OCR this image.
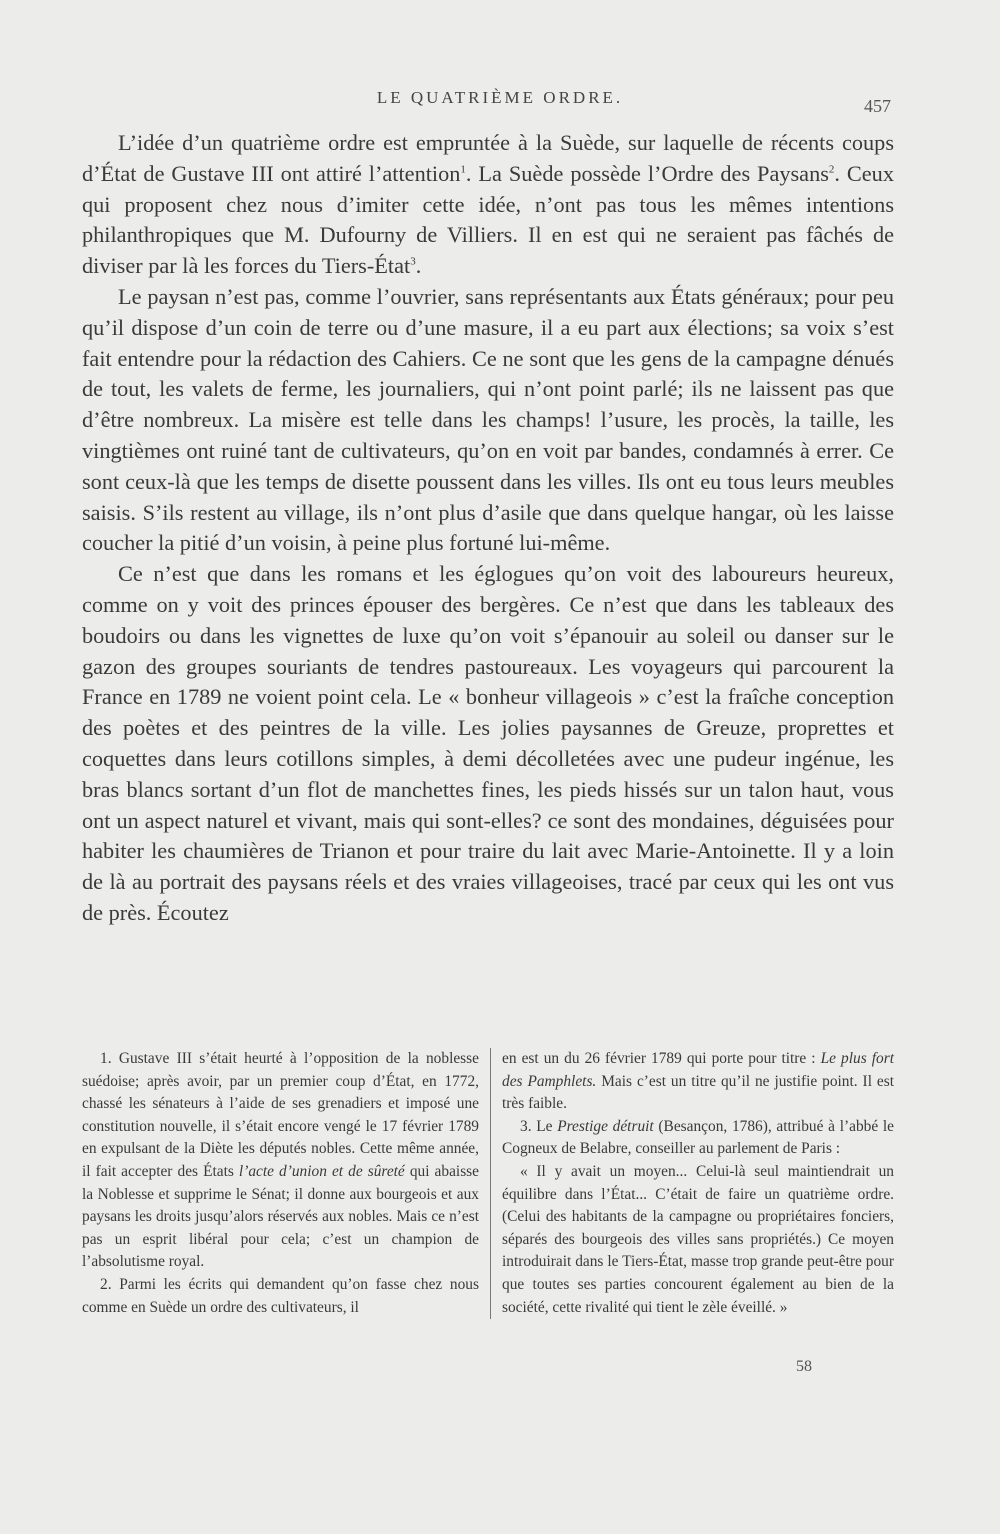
LE QUATRIÈME ORDRE.	457

L’idée d’un quatrième ordre est empruntée à la Suède, sur laquelle de récents coups d’État de Gustave III ont attiré l’attention$^1$. La Suède possède l’Ordre des Paysans$^2$. Ceux qui proposent chez nous d’imiter cette idée, n’ont pas tous les mêmes intentions philanthropiques que M. Dufourny de Villiers. Il en est qui ne seraient pas fâchés de diviser par là les forces du Tiers-État$^3$.

Le paysan n’est pas, comme l’ouvrier, sans représentants aux États généraux; pour peu qu’il dispose d’un coin de terre ou d’une masure, il a eu part aux élections; sa voix s’est fait entendre pour la rédaction des Cahiers. Ce ne sont que les gens de la campagne dénués de tout, les valets de ferme, les journaliers, qui n’ont point parlé; ils ne laissent pas que d’être nombreux. La misère est telle dans les champs! l’usure, les procès, la taille, les vingtièmes ont ruiné tant de cultivateurs, qu’on en voit par bandes, condamnés à errer. Ce sont ceux-là que les temps de disette poussent dans les villes. Ils ont eu tous leurs meubles saisis. S’ils restent au village, ils n’ont plus d’asile que dans quelque hangar, où les laisse coucher la pitié d’un voisin, à peine plus fortuné lui-même.

Ce n’est que dans les romans et les églogues qu’on voit des laboureurs heureux, comme on y voit des princes épouser des bergères. Ce n’est que dans les tableaux des boudoirs ou dans les vignettes de luxe qu’on voit s’épanouir au soleil ou danser sur le gazon des groupes souriants de tendres pastoureaux. Les voyageurs qui parcourent la France en 1789 ne voient point cela. Le « bonheur villageois » c’est la fraîche conception des poètes et des peintres de la ville. Les jolies paysannes de Greuze, proprettes et coquettes dans leurs cotillons simples, à demi décolletées avec une pudeur ingénue, les bras blancs sortant d’un flot de manchettes fines, les pieds hissés sur un talon haut, vous ont un aspect naturel et vivant, mais qui sont-elles? ce sont des mondaines, déguisées pour habiter les chaumières de Trianon et pour traire du lait avec Marie-Antoinette. Il y a loin de là au portrait des paysans réels et des vraies villageoises, tracé par ceux qui les ont vus de près. Écoutez

1. Gustave III s’était heurté à l’opposition de la noblesse suédoise; après avoir, par un premier coup d’État, en 1772, chassé les sénateurs à l’aide de ses grenadiers et imposé une constitution nouvelle, il s’était encore vengé le 17 février 1789 en expulsant de la Diète les députés nobles. Cette même année, il fait accepter des États l’acte d’union et de sûreté qui abaisse la Noblesse et supprime le Sénat; il donne aux bourgeois et aux paysans les droits jusqu’alors réservés aux nobles. Mais ce n’est pas un esprit libéral pour cela; c’est un champion de l’absolutisme royal.

2. Parmi les écrits qui demandent qu’on fasse chez nous comme en Suède un ordre des cultivateurs, il

en est un du 26 février 1789 qui porte pour titre : Le plus fort des Pamphlets. Mais c’est un titre qu’il ne justifie point. Il est très faible.

3. Le Prestige détruit (Besançon, 1786), attribué à l’abbé le Cogneux de Belabre, conseiller au parlement de Paris :

« Il y avait un moyen... Celui-là seul maintiendrait un équilibre dans l’État... C’était de faire un quatrième ordre. (Celui des habitants de la campagne ou propriétaires fonciers, séparés des bourgeois des villes sans propriétés.) Ce moyen introduirait dans le Tiers-État, masse trop grande peut-être pour que toutes ses parties concourent également au bien de la société, cette rivalité qui tient le zèle éveillé. »

58
